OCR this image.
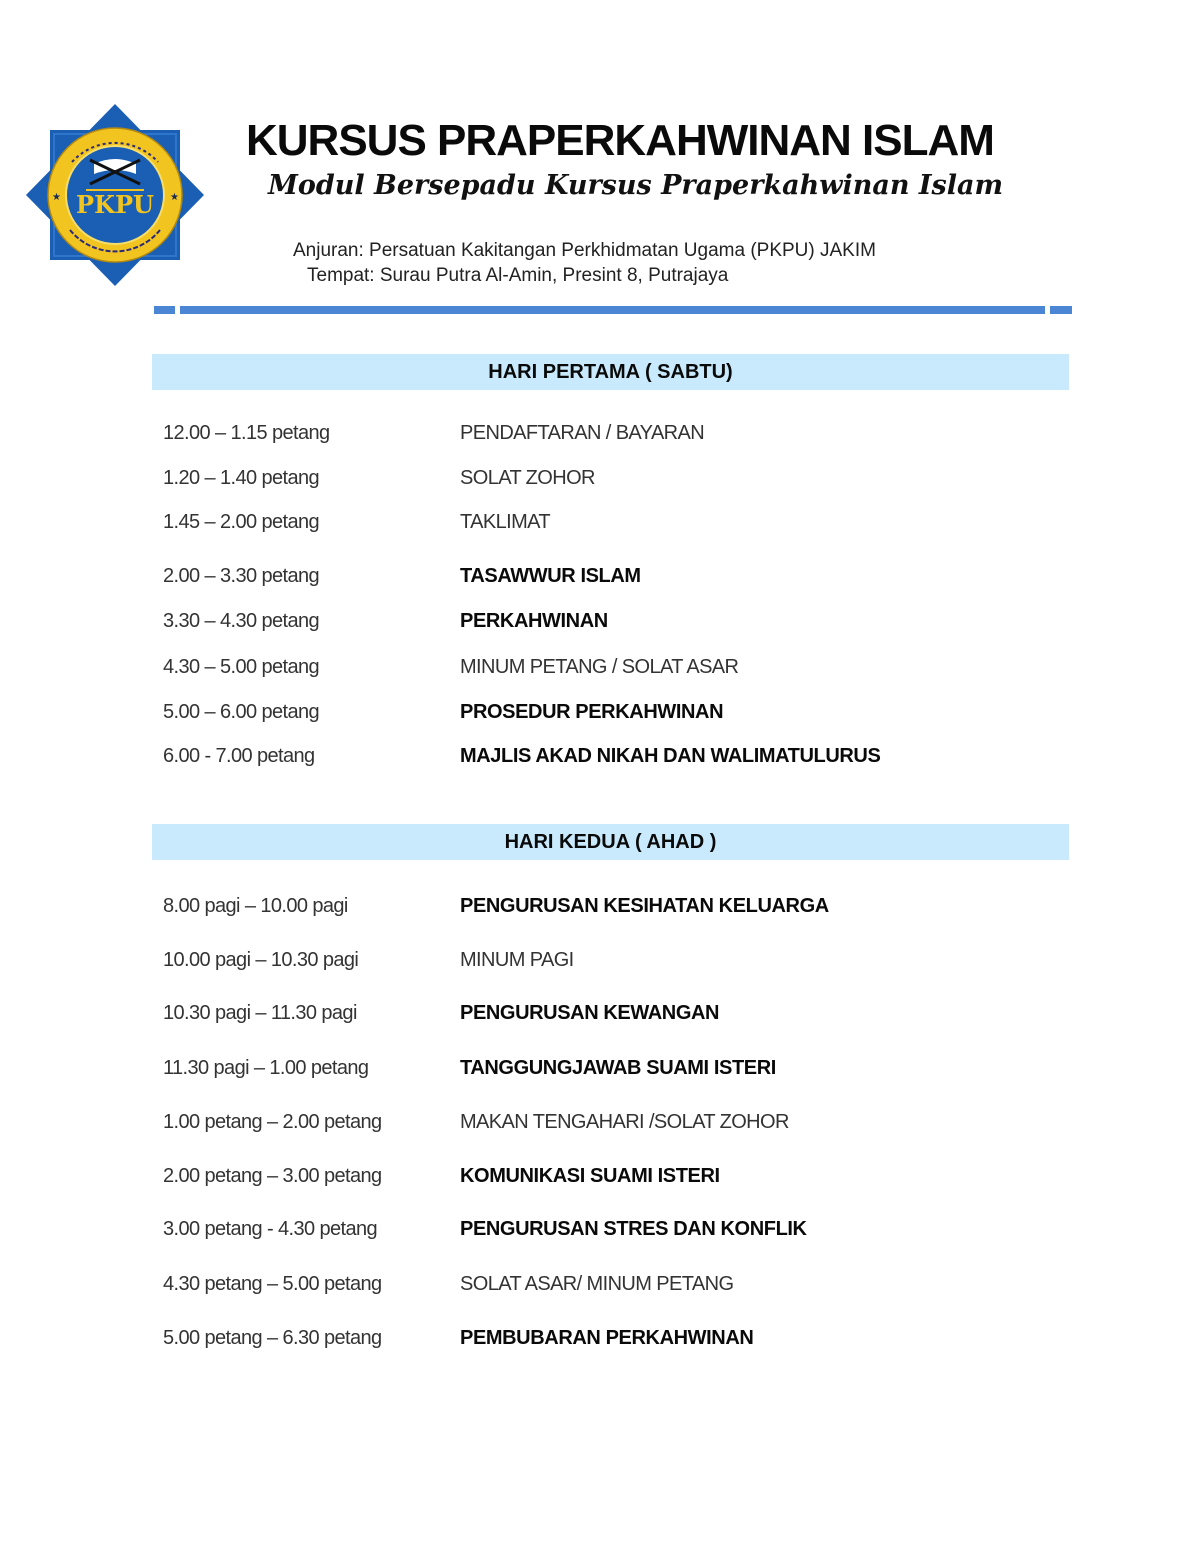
★	★
PKPU
KURSUS PRAPERKAHWINAN ISLAM
Modul Bersepadu Kursus Praperkahwinan Islam
Anjuran: Persatuan Kakitangan Perkhidmatan Ugama (PKPU) JAKIM
Tempat: Surau Putra Al-Amin, Presint 8, Putrajaya
HARI PERTAMA ( SABTU)
12.00 – 1.15 petang	PENDAFTARAN / BAYARAN
1.20 – 1.40 petang	SOLAT ZOHOR
1.45 – 2.00 petang	TAKLIMAT
2.00 – 3.30 petang	TASAWWUR ISLAM
3.30 – 4.30 petang	PERKAHWINAN
4.30 – 5.00 petang	MINUM PETANG / SOLAT ASAR
5.00 – 6.00 petang	PROSEDUR PERKAHWINAN
6.00 - 7.00 petang	MAJLIS AKAD NIKAH DAN WALIMATULURUS
HARI KEDUA ( AHAD )
8.00 pagi – 10.00 pagi	PENGURUSAN KESIHATAN KELUARGA
10.00 pagi – 10.30 pagi	MINUM PAGI
10.30 pagi – 11.30 pagi	PENGURUSAN KEWANGAN
11.30 pagi – 1.00 petang	TANGGUNGJAWAB SUAMI ISTERI
1.00 petang – 2.00 petang	MAKAN TENGAHARI /SOLAT ZOHOR
2.00 petang – 3.00 petang	KOMUNIKASI SUAMI ISTERI
3.00 petang - 4.30 petang	PENGURUSAN STRES DAN KONFLIK
4.30 petang – 5.00 petang	SOLAT ASAR/ MINUM PETANG
5.00 petang – 6.30 petang	PEMBUBARAN PERKAHWINAN
